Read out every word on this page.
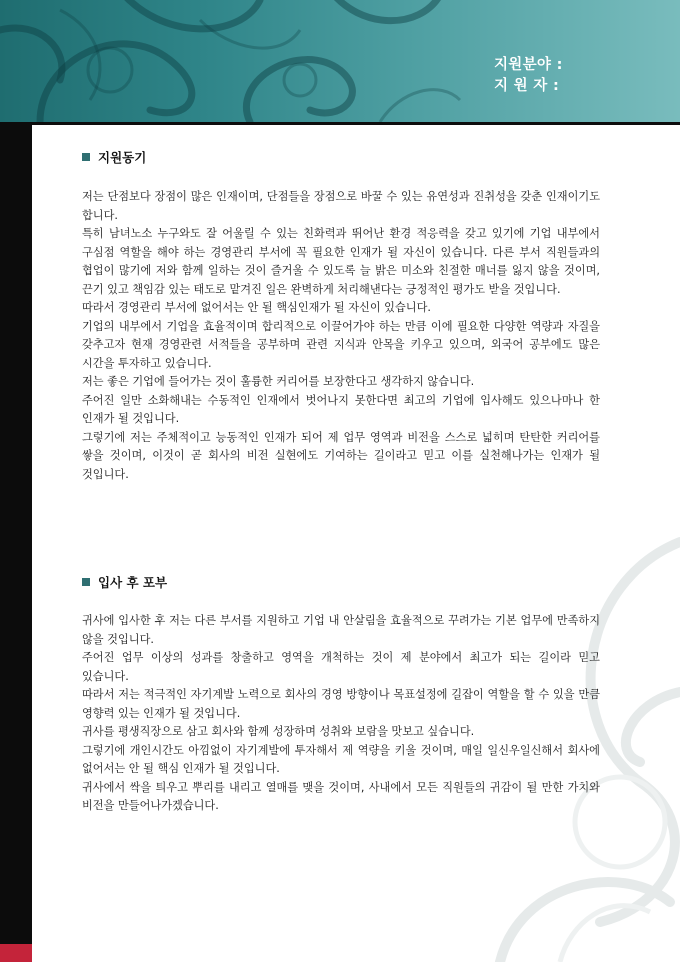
지원분야 :
지 원 자 :
지원동기

저는 단점보다 장점이 많은 인재이며, 단점들을 장점으로 바꿀 수 있는 유연성과 진취성을 갖춘 인재이기도 합니다.

특히 남녀노소 누구와도 잘 어울릴 수 있는 친화력과 뛰어난 환경 적응력을 갖고 있기에 기업 내부에서 구심점 역할을 해야 하는 경영관리 부서에 꼭 필요한 인재가 될 자신이 있습니다. 다른 부서 직원들과의 협업이 많기에 저와 함께 일하는 것이 즐거울 수 있도록 늘 밝은 미소와 친절한 매너를 잃지 않을 것이며, 끈기 있고 책임감 있는 태도로 맡겨진 일은 완벽하게 처리해낸다는 긍정적인 평가도 받을 것입니다.

따라서 경영관리 부서에 없어서는 안 될 핵심인재가 될 자신이 있습니다.

기업의 내부에서 기업을 효율적이며 합리적으로 이끌어가야 하는 만큼 이에 필요한 다양한 역량과 자질을 갖추고자 현재 경영관련 서적들을 공부하며 관련 지식과 안목을 키우고 있으며, 외국어 공부에도 많은 시간을 투자하고 있습니다.

저는 좋은 기업에 들어가는 것이 훌륭한 커리어를 보장한다고 생각하지 않습니다.

주어진 일만 소화해내는 수동적인 인재에서 벗어나지 못한다면 최고의 기업에 입사해도 있으나마나 한 인재가 될 것입니다.

그렇기에 저는 주체적이고 능동적인 인재가 되어 제 업무 영역과 비전을 스스로 넓히며 탄탄한 커리어를 쌓을 것이며, 이것이 곧 회사의 비전 실현에도 기여하는 길이라고 믿고 이를 실천해나가는 인재가 될 것입니다.

입사 후 포부

귀사에 입사한 후 저는 다른 부서를 지원하고 기업 내 안살림을 효율적으로 꾸려가는 기본 업무에 만족하지 않을 것입니다.

주어진 업무 이상의 성과를 창출하고 영역을 개척하는 것이 제 분야에서 최고가 되는 길이라 믿고 있습니다.

따라서 저는 적극적인 자기계발 노력으로 회사의 경영 방향이나 목표설정에 길잡이 역할을 할 수 있을 만큼 영향력 있는 인재가 될 것입니다.

귀사를 평생직장으로 삼고 회사와 함께 성장하며 성취와 보람을 맛보고 싶습니다.

그렇기에 개인시간도 아낌없이 자기계발에 투자해서 제 역량을 키울 것이며, 매일 일신우일신해서 회사에 없어서는 안 될 핵심 인재가 될 것입니다.

귀사에서 싹을 틔우고 뿌리를 내리고 열매를 맺을 것이며, 사내에서 모든 직원들의 귀감이 될 만한 가치와 비전을 만들어나가겠습니다.
